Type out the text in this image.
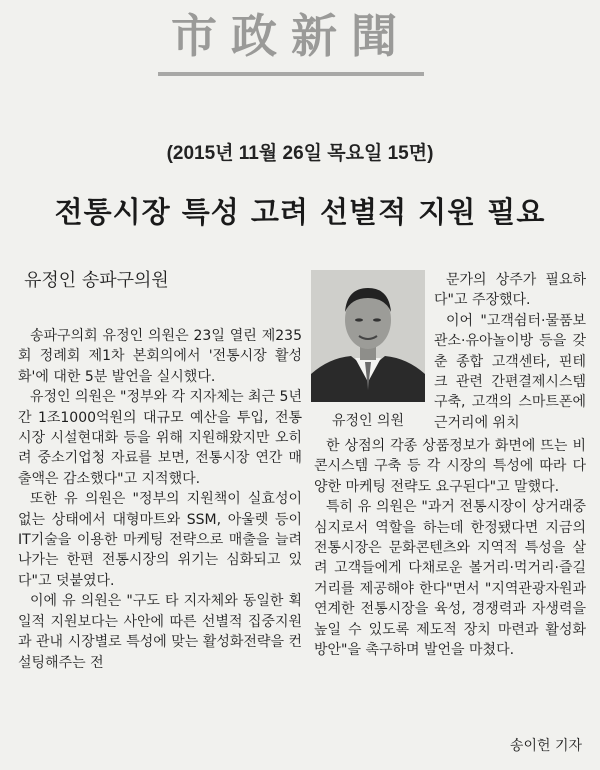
市政新聞
(2015년 11월 26일 목요일 15면)
전통시장 특성 고려 선별적 지원 필요
유정인 송파구의원

송파구의회 유정인 의원은 23일 열린 제235회 정례회 제1차 본회의에서 '전통시장 활성화'에 대한 5분 발언을 실시했다.

유정인 의원은 "정부와 각 지자체는 최근 5년간 1조1000억원의 대규모 예산을 투입, 전통시장 시설현대화 등을 위해 지원해왔지만 오히려 중소기업청 자료를 보면, 전통시장 연간 매출액은 감소했다"고 지적했다.

또한 유 의원은 "정부의 지원책이 실효성이 없는 상태에서 대형마트와 SSM, 아울렛 등이 IT기술을 이용한 마케팅 전략으로 매출을 늘려 나가는 한편 전통시장의 위기는 심화되고 있다"고 덧붙였다.

이에 유 의원은 "구도 타 지자체와 동일한 획일적 지원보다는 사안에 따른 선별적 집중지원과 관내 시장별로 특성에 맞는 활성화전략을 컨설팅해주는 전

유정인 의원

문가의 상주가 필요하다"고 주장했다.

이어 "고객쉼터·물품보관소·유아놀이방 등을 갖춘 종합 고객센타, 핀테크 관련 간편결제시스템 구축, 고객의 스마트폰에 근거리에 위치

한 상점의 각종 상품정보가 화면에 뜨는 비콘시스템 구축 등 각 시장의 특성에 따라 다양한 마케팅 전략도 요구된다"고 말했다.

특히 유 의원은 "과거 전통시장이 상거래중심지로서 역할을 하는데 한정됐다면 지금의 전통시장은 문화콘텐츠와 지역적 특성을 살려 고객들에게 다채로운 볼거리·먹거리·즐길거리를 제공해야 한다"면서 "지역관광자원과 연계한 전통시장을 육성, 경쟁력과 자생력을 높일 수 있도록 제도적 장치 마련과 활성화 방안"을 촉구하며 발언을 마쳤다.

송이헌 기자
